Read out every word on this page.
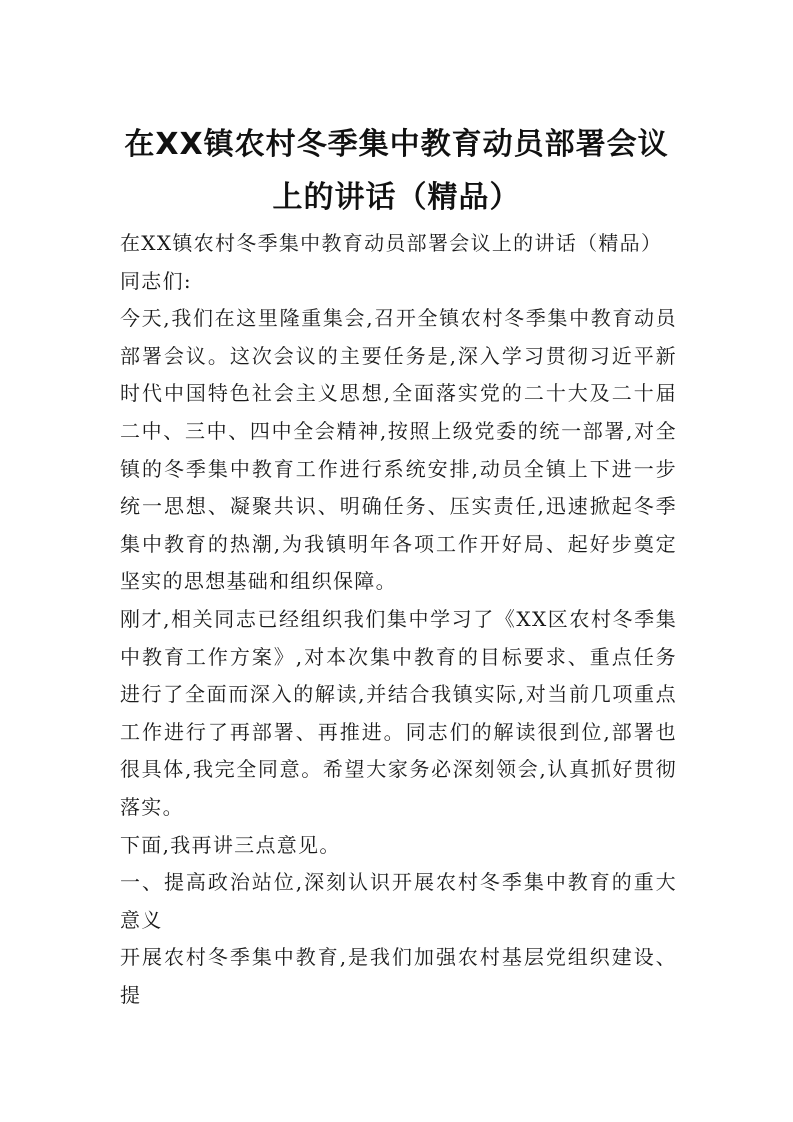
在XX镇农村冬季集中教育动员部署会议上的讲话（精品）

在XX镇农村冬季集中教育动员部署会议上的讲话（精品）

同志们:

今天,我们在这里隆重集会,召开全镇农村冬季集中教育动员部署会议。这次会议的主要任务是,深入学习贯彻习近平新时代中国特色社会主义思想,全面落实党的二十大及二十届二中、三中、四中全会精神,按照上级党委的统一部署,对全镇的冬季集中教育工作进行系统安排,动员全镇上下进一步统一思想、凝聚共识、明确任务、压实责任,迅速掀起冬季集中教育的热潮,为我镇明年各项工作开好局、起好步奠定坚实的思想基础和组织保障。

刚才,相关同志已经组织我们集中学习了《XX区农村冬季集中教育工作方案》,对本次集中教育的目标要求、重点任务进行了全面而深入的解读,并结合我镇实际,对当前几项重点工作进行了再部署、再推进。同志们的解读很到位,部署也很具体,我完全同意。希望大家务必深刻领会,认真抓好贯彻落实。

下面,我再讲三点意见。

一、提高政治站位,深刻认识开展农村冬季集中教育的重大意义

开展农村冬季集中教育,是我们加强农村基层党组织建设、提
